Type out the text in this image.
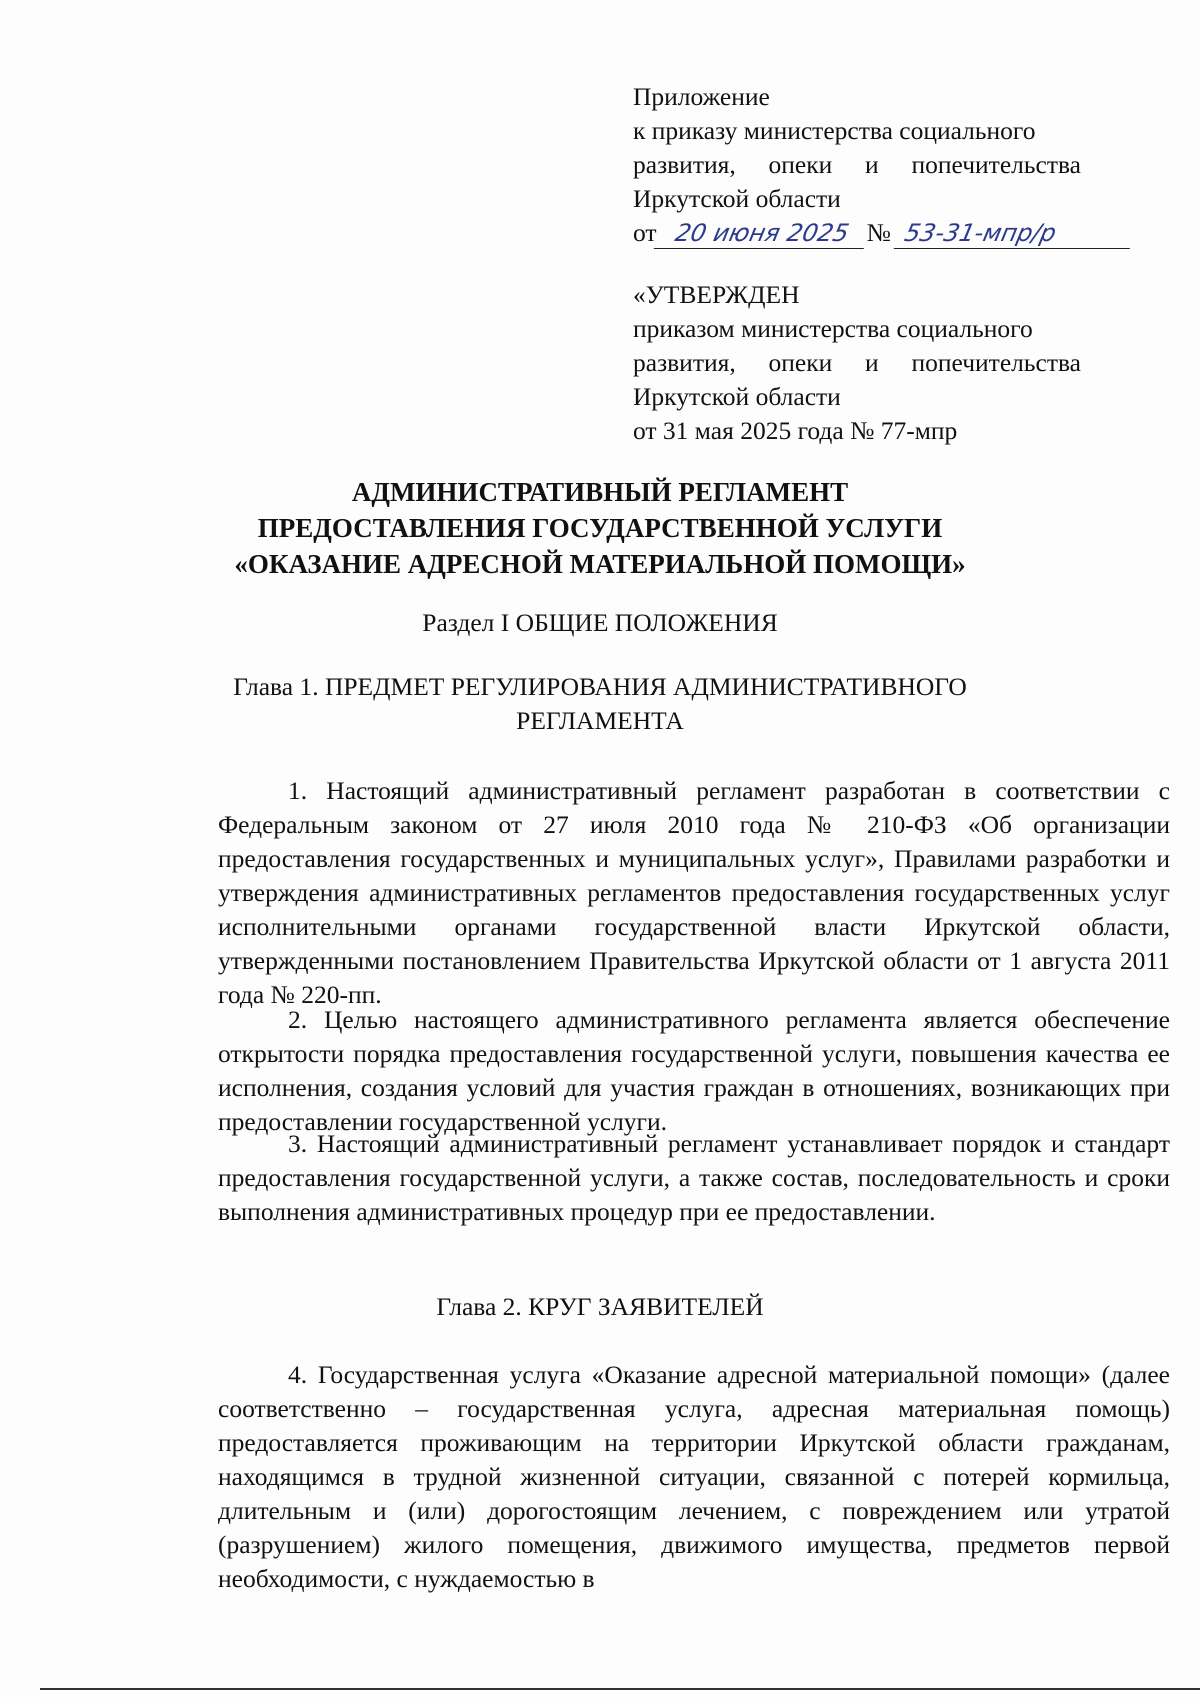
Приложение
к приказу министерства социального
развития, опеки и попечительства
Иркутской области
от 20 июня 2025 № 53-31-мпр/р
«УТВЕРЖДЕН
приказом министерства социального
развития, опеки и попечительства
Иркутской области
от 31 мая 2025 года № 77-мпр
АДМИНИСТРАТИВНЫЙ РЕГЛАМЕНТ
ПРЕДОСТАВЛЕНИЯ ГОСУДАРСТВЕННОЙ УСЛУГИ
«ОКАЗАНИЕ АДРЕСНОЙ МАТЕРИАЛЬНОЙ ПОМОЩИ»
Раздел I ОБЩИЕ ПОЛОЖЕНИЯ
Глава 1. ПРЕДМЕТ РЕГУЛИРОВАНИЯ АДМИНИСТРАТИВНОГО
РЕГЛАМЕНТА
1. Настоящий административный регламент разработан в соответствии с Федеральным законом от 27 июля 2010 года № 210-ФЗ «Об организации предоставления государственных и муниципальных услуг», Правилами разработки и утверждения административных регламентов предоставления государственных услуг исполнительными органами государственной власти Иркутской области, утвержденными постановлением Правительства Иркутской области от 1 августа 2011 года № 220-пп.
2. Целью настоящего административного регламента является обеспечение открытости порядка предоставления государственной услуги, повышения качества ее исполнения, создания условий для участия граждан в отношениях, возникающих при предоставлении государственной услуги.
3. Настоящий административный регламент устанавливает порядок и стандарт предоставления государственной услуги, а также состав, последовательность и сроки выполнения административных процедур при ее предоставлении.
Глава 2. КРУГ ЗАЯВИТЕЛЕЙ
4. Государственная услуга «Оказание адресной материальной помощи» (далее соответственно – государственная услуга, адресная материальная помощь) предоставляется проживающим на территории Иркутской области гражданам, находящимся в трудной жизненной ситуации, связанной с потерей кормильца, длительным и (или) дорогостоящим лечением, с повреждением или утратой (разрушением) жилого помещения, движимого имущества, предметов первой необходимости, с нуждаемостью в
